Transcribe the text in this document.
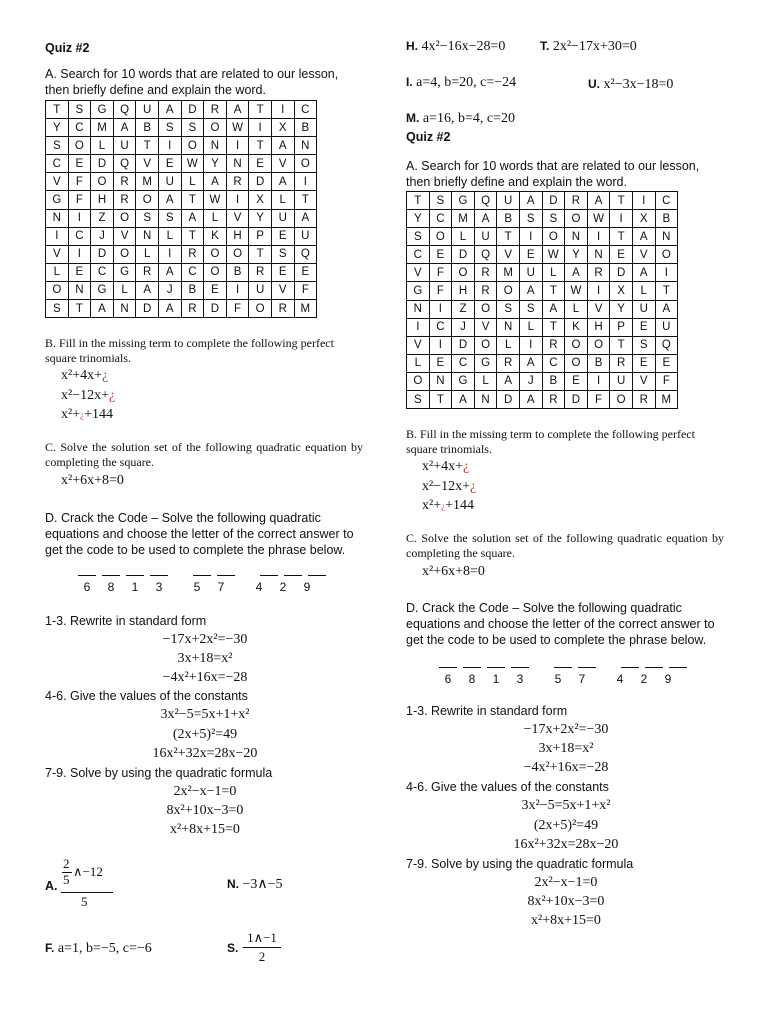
Quiz #2
A. Search for 10 words that are related to our lesson, then briefly define and explain the word.
T	S	G	Q	U	A	D	R	A	T	I	C
Y	C	M	A	B	S	S	O	W	I	X	B
S	O	L	U	T	I	O	N	I	T	A	N
C	E	D	Q	V	E	W	Y	N	E	V	O
V	F	O	R	M	U	L	A	R	D	A	I
G	F	H	R	O	A	T	W	I	X	L	T
N	I	Z	O	S	S	A	L	V	Y	U	A
I	C	J	V	N	L	T	K	H	P	E	U
V	I	D	O	L	I	R	O	O	T	S	Q
L	E	C	G	R	A	C	O	B	R	E	E
O	N	G	L	A	J	B	E	I	U	V	F
S	T	A	N	D	A	R	D	F	O	R	M
B. Fill in the missing term to complete the following perfect square trinomials.
x²+4x+¿
x²−12x+¿
x²+¿+144
C. Solve the solution set of the following quadratic equation by completing the square.
x²+6x+8=0
D. Crack the Code – Solve the following quadratic equations and choose the letter of the correct answer to get the code to be used to complete the phrase below.

6 8 1 3	5 7	4 2 9
1-3. Rewrite in standard form
−17x+2x²=−30
3x+18=x²
−4x²+16x=−28
4-6. Give the values of the constants
3x²−5=5x+1+x²
(2x+5)²=49
16x²+32x=28x−20
7-9. Solve by using the quadratic formula
2x²−x−1=0
8x²+10x−3=0
x²+8x+15=0
A.
2
5
∧−12
5
N. −3∧−5
F. a=1, b=−5, c=−6	S.
1∧−1
2
H. 4x²−16x−28=0	T. 2x²−17x+30=0
I. a=4, b=20, c=−24	U. x²−3x−18=0
M. a=16, b=4, c=20
Quiz #2
A. Search for 10 words that are related to our lesson, then briefly define and explain the word.
T	S	G	Q	U	A	D	R	A	T	I	C
Y	C	M	A	B	S	S	O	W	I	X	B
S	O	L	U	T	I	O	N	I	T	A	N
C	E	D	Q	V	E	W	Y	N	E	V	O
V	F	O	R	M	U	L	A	R	D	A	I
G	F	H	R	O	A	T	W	I	X	L	T
N	I	Z	O	S	S	A	L	V	Y	U	A
I	C	J	V	N	L	T	K	H	P	E	U
V	I	D	O	L	I	R	O	O	T	S	Q
L	E	C	G	R	A	C	O	B	R	E	E
O	N	G	L	A	J	B	E	I	U	V	F
S	T	A	N	D	A	R	D	F	O	R	M
B. Fill in the missing term to complete the following perfect square trinomials.
x²+4x+¿
x²−12x+¿
x²+¿+144
C. Solve the solution set of the following quadratic equation by completing the square.
x²+6x+8=0
D. Crack the Code – Solve the following quadratic equations and choose the letter of the correct answer to get the code to be used to complete the phrase below.

6 8 1 3	5 7	4 2 9
1-3. Rewrite in standard form
−17x+2x²=−30
3x+18=x²
−4x²+16x=−28
4-6. Give the values of the constants
3x²−5=5x+1+x²
(2x+5)²=49
16x²+32x=28x−20
7-9. Solve by using the quadratic formula
2x²−x−1=0
8x²+10x−3=0
x²+8x+15=0
